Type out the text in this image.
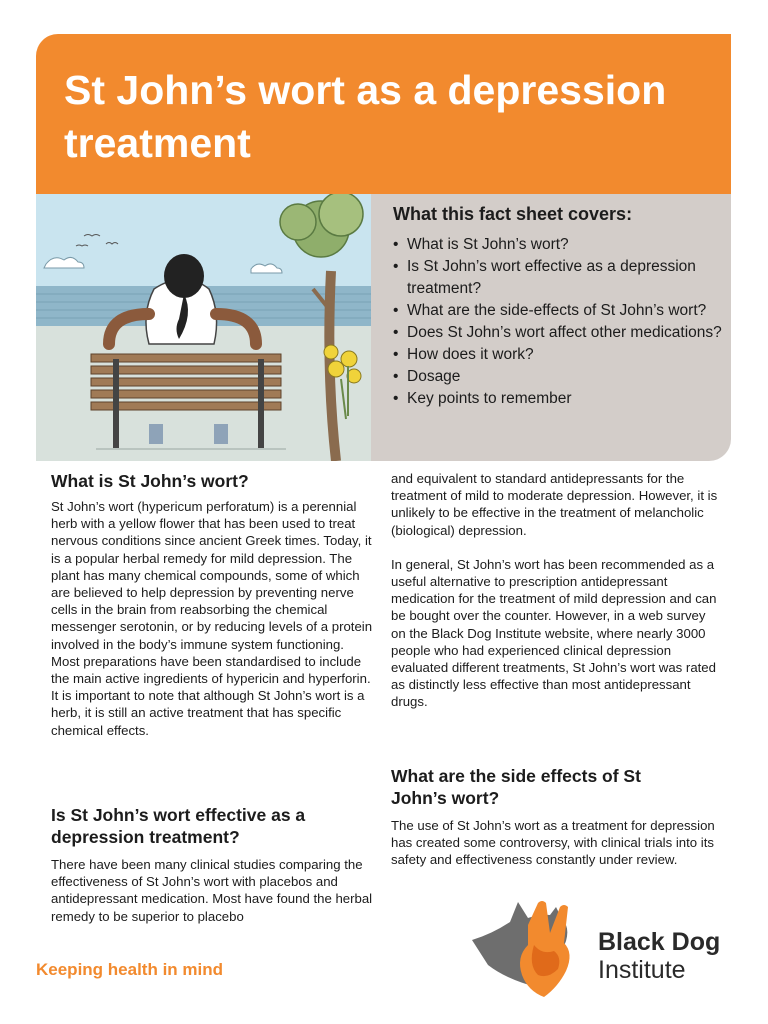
St John’s wort as a depression treatment
What this fact sheet covers:
• What is St John’s wort?
• Is St John’s wort effective as a depression treatment?
• What are the side-effects of St John’s wort?
• Does St John’s wort affect other medications?
• How does it work?
• Dosage
• Key points to remember
What is St John’s wort?

St John’s wort (hypericum perforatum) is a perennial herb with a yellow flower that has been used to treat nervous conditions since ancient Greek times. Today, it is a popular herbal remedy for mild depression. The plant has many chemical compounds, some of which are believed to help depression by preventing nerve cells in the brain from reabsorbing the chemical messenger serotonin, or by reducing levels of a protein involved in the body’s immune system functioning. Most preparations have been standardised to include the main active ingredients of hypericin and hyperforin. It is important to note that although St John’s wort is a herb, it is still an active treatment that has specific chemical effects.

Is St John’s wort effective as a depression treatment?

There have been many clinical studies comparing the effectiveness of St John’s wort with placebos and antidepressant medication. Most have found the herbal remedy to be superior to placebo

and equivalent to standard antidepressants for the treatment of mild to moderate depression. However, it is unlikely to be effective in the treatment of melancholic (biological) depression.

In general, St John’s wort has been recommended as a useful alternative to prescription antidepressant medication for the treatment of mild depression and can be bought over the counter. However, in a web survey on the Black Dog Institute website, where nearly 3000 people who had experienced clinical depression evaluated different treatments, St John’s wort was rated as distinctly less effective than most antidepressant drugs.

What are the side effects of St John’s wort?

The use of St John’s wort as a treatment for depression has created some controversy, with clinical trials into its safety and effectiveness constantly under review.

Keeping health in mind
Black Dog
Institute
